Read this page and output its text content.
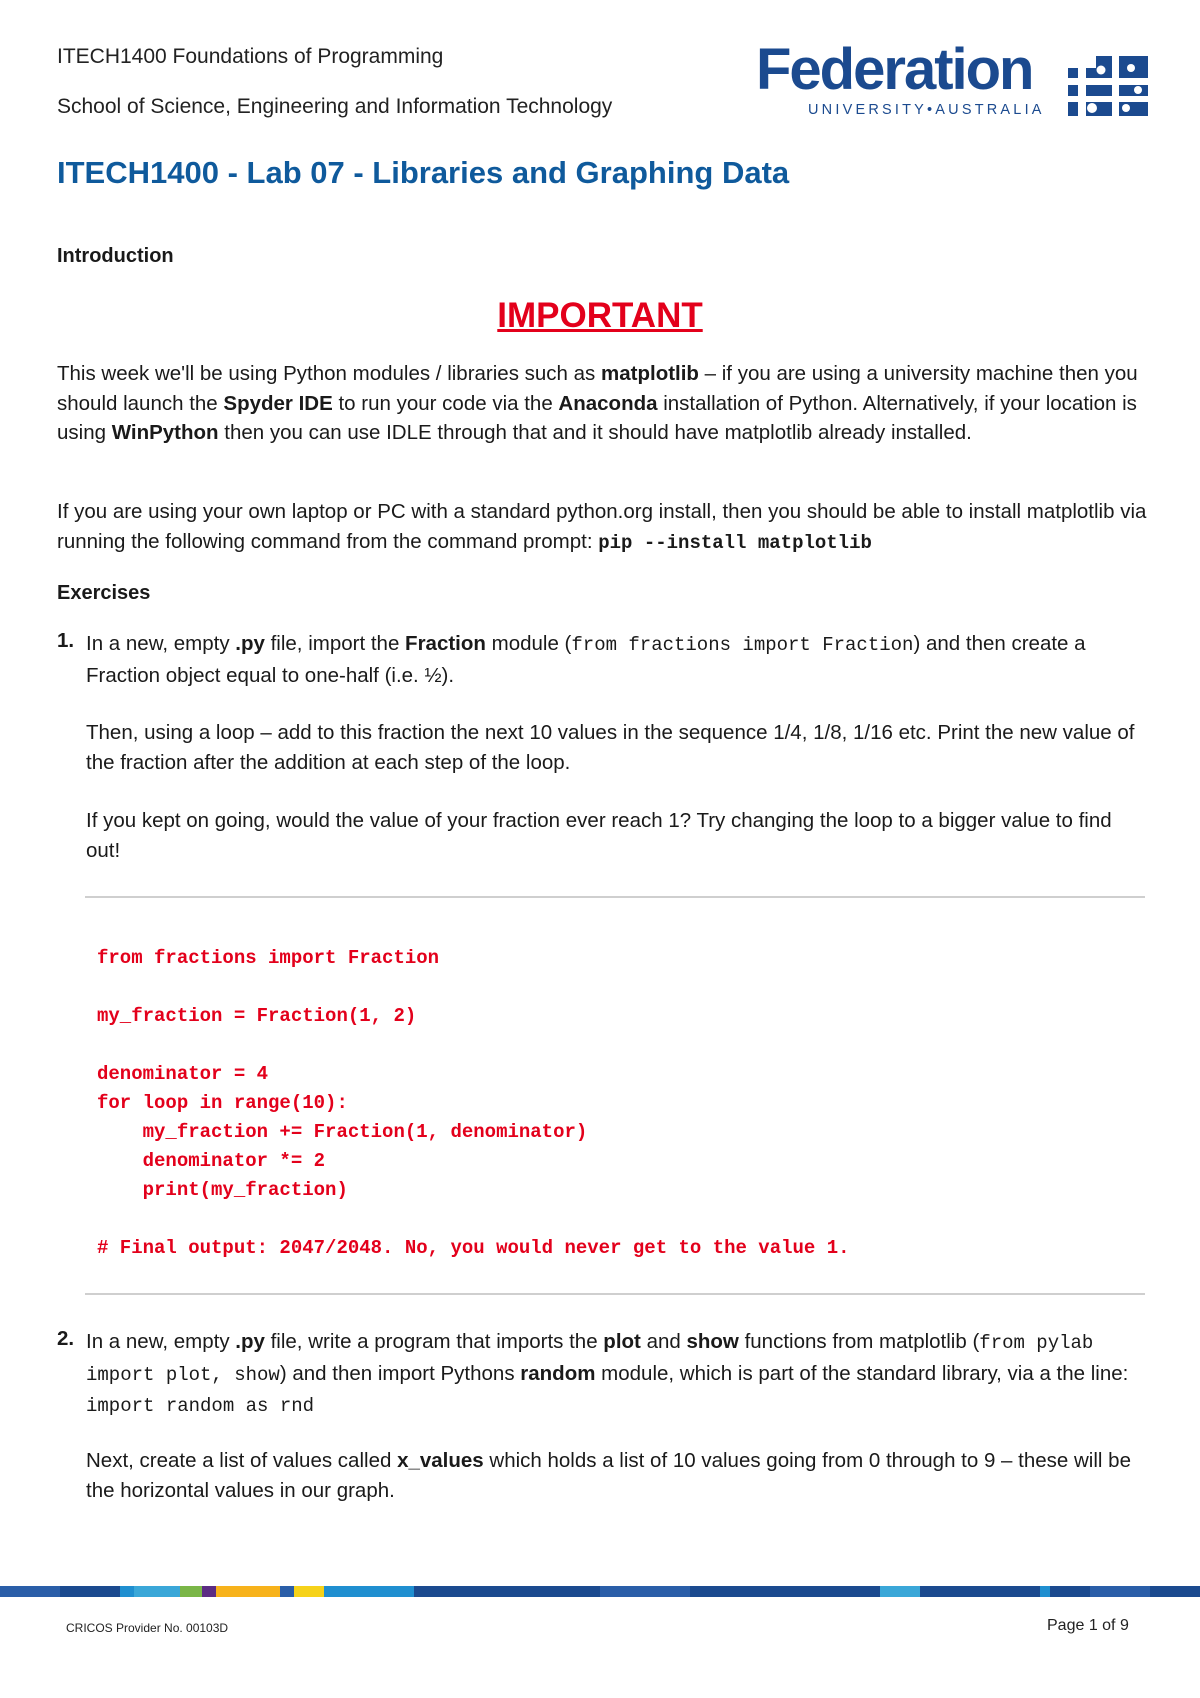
ITECH1400 Foundations of Programming
School of Science, Engineering and Information Technology
Federation
UNIVERSITY•AUSTRALIA
ITECH1400 - Lab 07 - Libraries and Graphing Data
Introduction
IMPORTANT
This week we'll be using Python modules / libraries such as matplotlib – if you are using a university machine then you should launch the Spyder IDE to run your code via the Anaconda installation of Python. Alternatively, if your location is using WinPython then you can use IDLE through that and it should have matplotlib already installed.
If you are using your own laptop or PC with a standard python.org install, then you should be able to install matplotlib via running the following command from the command prompt: pip --install matplotlib
Exercises
1. In a new, empty .py file, import the Fraction module (from fractions import Fraction) and then create a Fraction object equal to one-half (i.e. ½).
Then, using a loop – add to this fraction the next 10 values in the sequence 1/4, 1/8, 1/16 etc. Print the new value of the fraction after the addition at each step of the loop.
If you kept on going, would the value of your fraction ever reach 1? Try changing the loop to a bigger value to find out!
from fractions import Fraction
my_fraction = Fraction(1, 2)
denominator = 4
for loop in range(10):
my_fraction += Fraction(1, denominator)
denominator *= 2
print(my_fraction)
# Final output: 2047/2048. No, you would never get to the value 1.
2. In a new, empty .py file, write a program that imports the plot and show functions from matplotlib (from pylab import plot, show) and then import Pythons random module, which is part of the standard library, via a the line: import random as rnd
Next, create a list of values called x_values which holds a list of 10 values going from 0 through to 9 – these will be the horizontal values in our graph.
CRICOS Provider No. 00103D	Page 1 of 9
